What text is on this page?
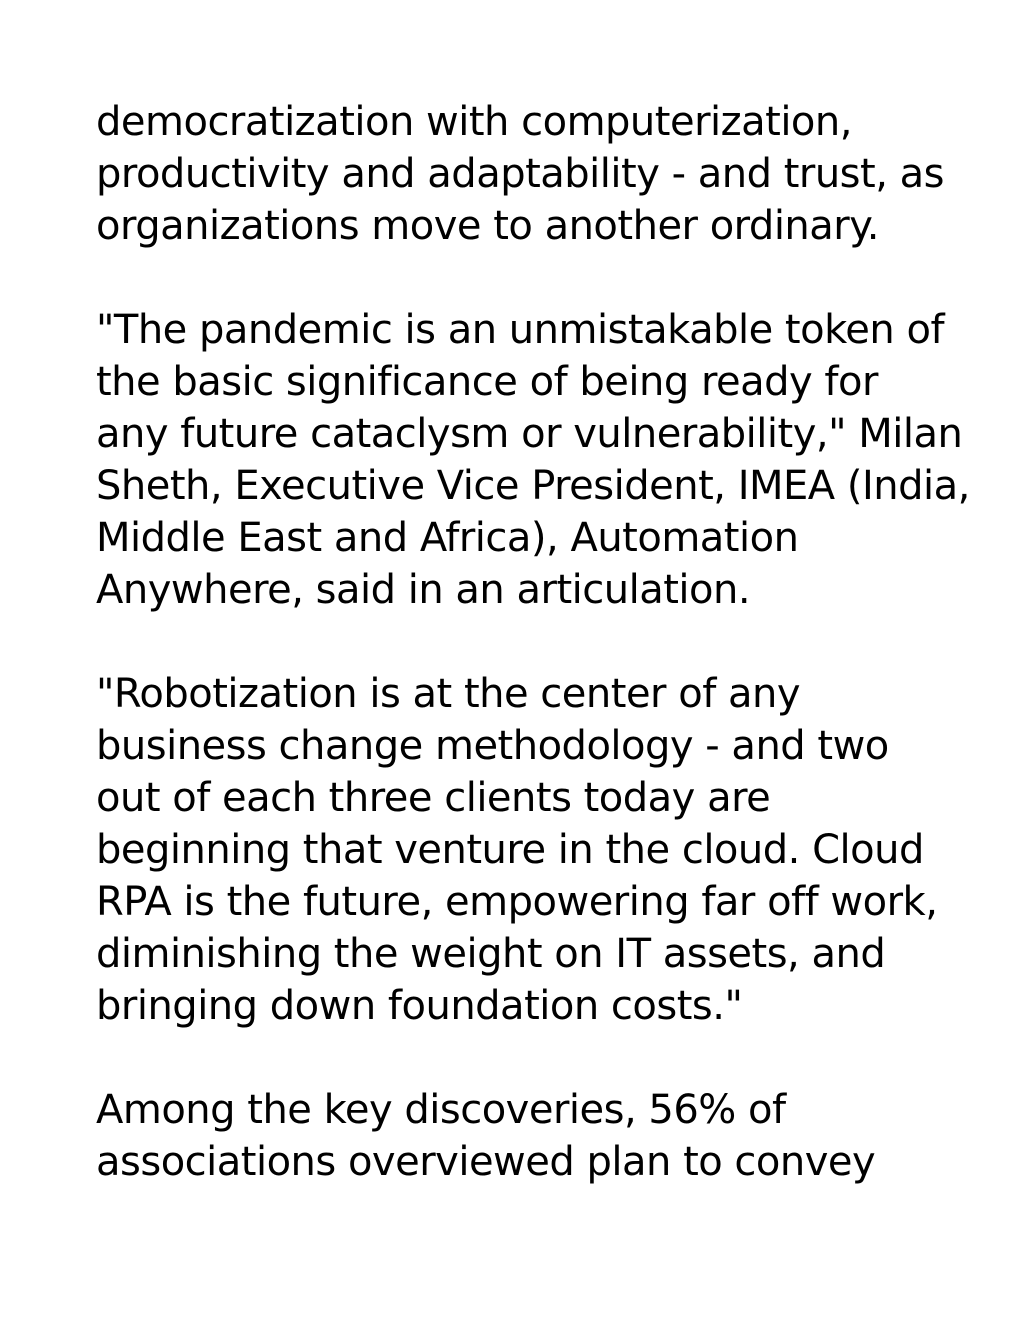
democratization with computerization,
productivity and adaptability - and trust, as
organizations move to another ordinary.

"The pandemic is an unmistakable token of
the basic significance of being ready for
any future cataclysm or vulnerability," Milan
Sheth, Executive Vice President, IMEA (India,
Middle East and Africa), Automation
Anywhere, said in an articulation.

"Robotization is at the center of any
business change methodology - and two
out of each three clients today are
beginning that venture in the cloud. Cloud
RPA is the future, empowering far off work,
diminishing the weight on IT assets, and
bringing down foundation costs."

Among the key discoveries, 56% of
associations overviewed plan to convey
